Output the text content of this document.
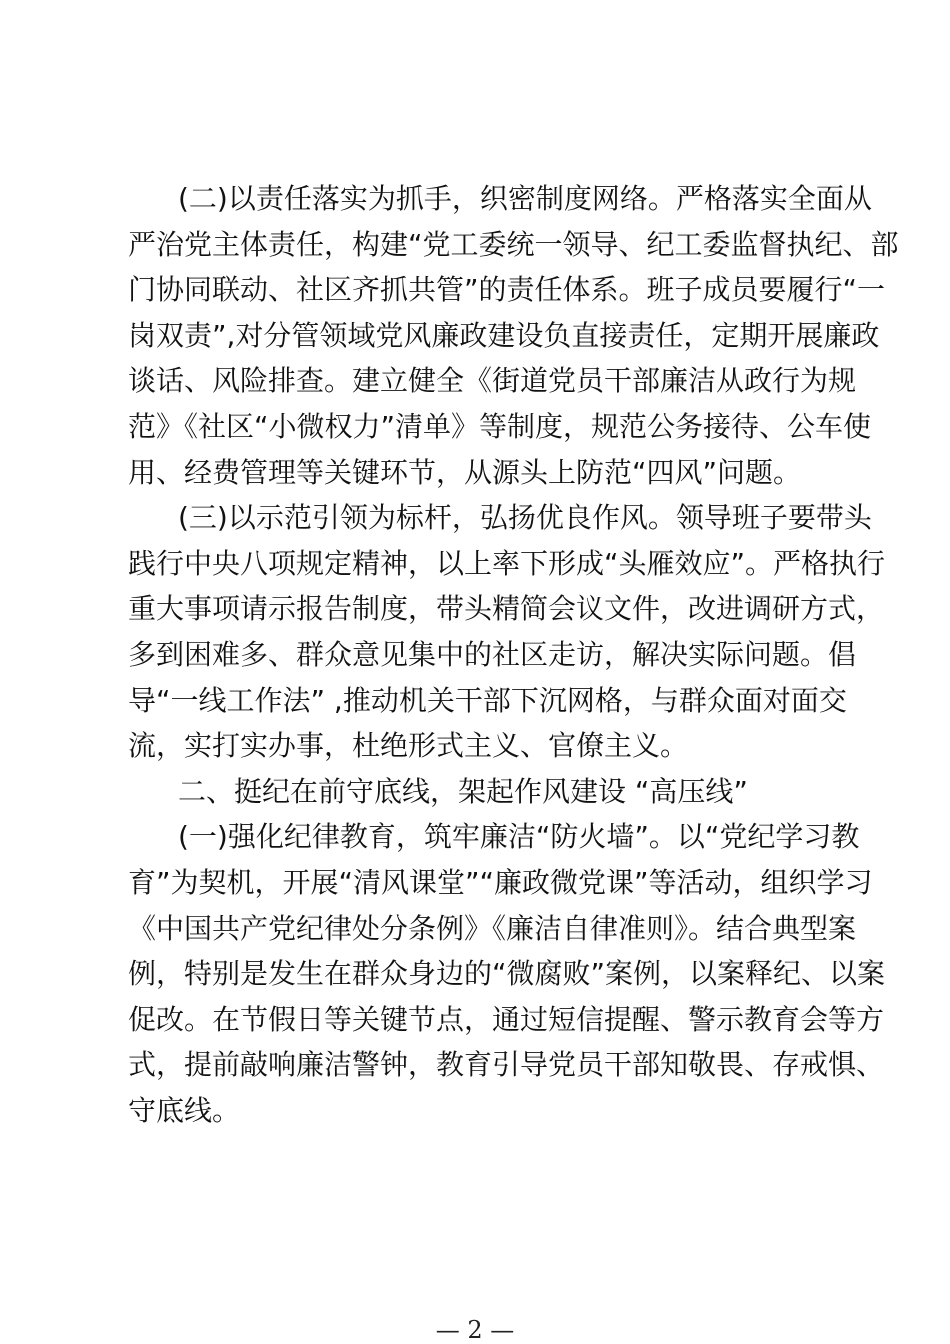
(二)以责任落实为抓手，织密制度网络。严格落实全面从
严治党主体责任，构建“党工委统一领导、纪工委监督执纪、部
门协同联动、社区齐抓共管”的责任体系。班子成员要履行“一
岗双责”,对分管领域党风廉政建设负直接责任，定期开展廉政
谈话、风险排查。建立健全《街道党员干部廉洁从政行为规
范》《社区“小微权力”清单》等制度，规范公务接待、公车使
用、经费管理等关键环节，从源头上防范“四风”问题。
(三)以示范引领为标杆，弘扬优良作风。领导班子要带头
践行中央八项规定精神，以上率下形成“头雁效应”。严格执行
重大事项请示报告制度，带头精简会议文件，改进调研方式，
多到困难多、群众意见集中的社区走访，解决实际问题。倡
导“一线工作法” ,推动机关干部下沉网格，与群众面对面交
流，实打实办事，杜绝形式主义、官僚主义。
二、挺纪在前守底线，架起作风建设 “高压线”
(一)强化纪律教育，筑牢廉洁“防火墙”。以“党纪学习教
育”为契机，开展“清风课堂”“廉政微党课”等活动，组织学习
《中国共产党纪律处分条例》《廉洁自律准则》。结合典型案
例，特别是发生在群众身边的“微腐败”案例，以案释纪、以案
促改。在节假日等关键节点，通过短信提醒、警示教育会等方
式，提前敲响廉洁警钟，教育引导党员干部知敬畏、存戒惧、
守底线。
— 2 —
